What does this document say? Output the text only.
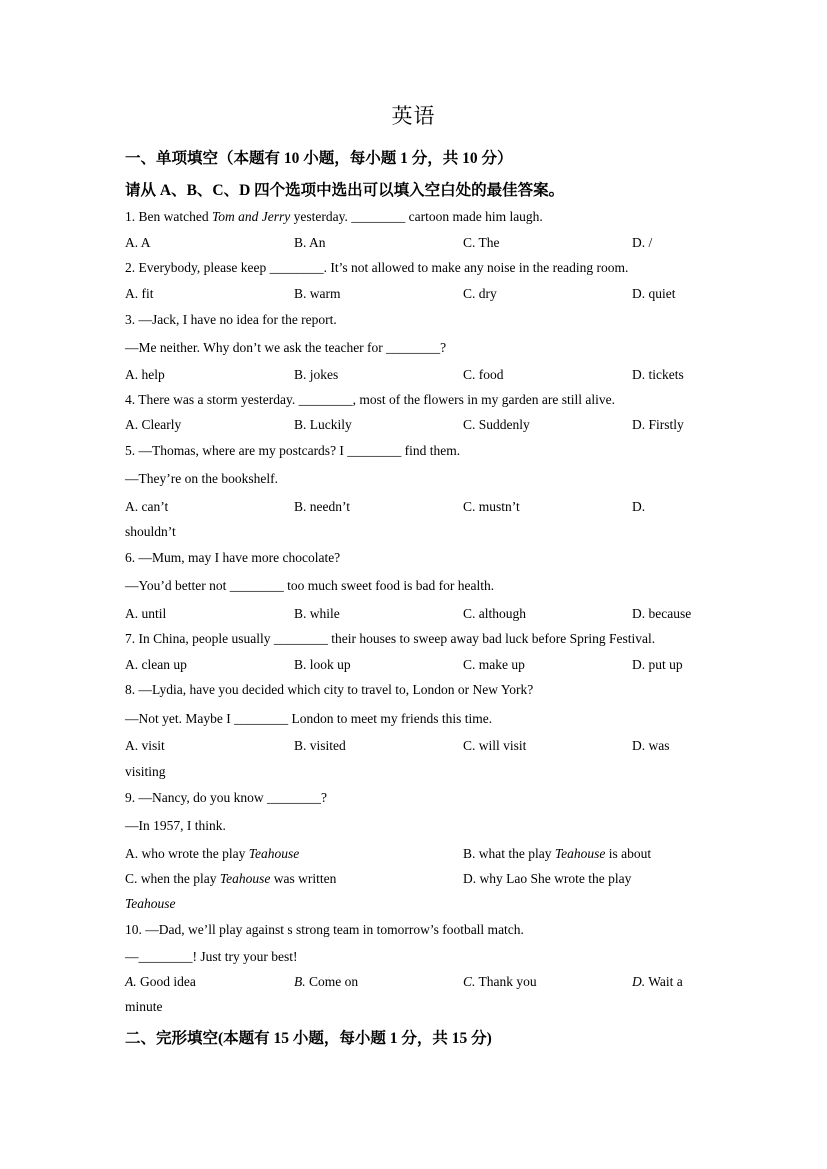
英语
一、单项填空（本题有 10 小题，每小题 1 分，共 10 分）
请从 A、B、C、D 四个选项中选出可以填入空白处的最佳答案。
1. Ben watched Tom and Jerry yesterday. ________ cartoon made him laugh.
A. A	B. An	C. The	D. /
2. Everybody, please keep ________. It’s not allowed to make any noise in the reading room.
A. fit	B. warm	C. dry	D. quiet
3. —Jack, I have no idea for the report.
—Me neither. Why don’t we ask the teacher for ________?
A. help	B. jokes	C. food	D. tickets
4. There was a storm yesterday. ________, most of the flowers in my garden are still alive.
A. Clearly	B. Luckily	C. Suddenly	D. Firstly
5. —Thomas, where are my postcards? I ________ find them.
—They’re on the bookshelf.
A. can’t	B. needn’t	C. mustn’t	D.
shouldn’t
6. —Mum, may I have more chocolate?
—You’d better not ________ too much sweet food is bad for health.
A. until	B. while	C. although	D. because
7. In China, people usually ________ their houses to sweep away bad luck before Spring Festival.
A. clean up	B. look up	C. make up	D. put up
8. —Lydia, have you decided which city to travel to, London or New York?
—Not yet. Maybe I ________ London to meet my friends this time.
A. visit	B. visited	C. will visit	D. was
visiting
9. —Nancy, do you know ________?
—In 1957, I think.
A. who wrote the play Teahouse	B. what the play Teahouse is about
C. when the play Teahouse was written	D. why Lao She wrote the play
Teahouse
10. —Dad, we’ll play against s strong team in tomorrow’s football match.
—________! Just try your best!
A. Good idea	B. Come on	C. Thank you	D. Wait a
minute
二、完形填空(本题有 15 小题，每小题 1 分，共 15 分)
